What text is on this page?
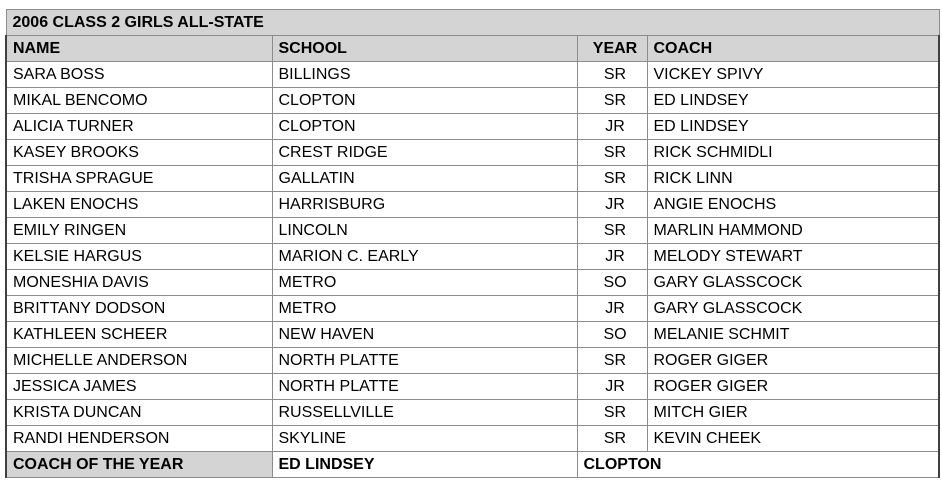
2006 CLASS 2 GIRLS ALL-STATE			
NAME	SCHOOL	YEAR	COACH
SARA BOSS	BILLINGS	SR	VICKEY SPIVY
MIKAL BENCOMO	CLOPTON	SR	ED LINDSEY
ALICIA TURNER	CLOPTON	JR	ED LINDSEY
KASEY BROOKS	CREST RIDGE	SR	RICK SCHMIDLI
TRISHA SPRAGUE	GALLATIN	SR	RICK LINN
LAKEN ENOCHS	HARRISBURG	JR	ANGIE ENOCHS
EMILY RINGEN	LINCOLN	SR	MARLIN HAMMOND
KELSIE HARGUS	MARION C. EARLY	JR	MELODY STEWART
MONESHIA DAVIS	METRO	SO	GARY GLASSCOCK
BRITTANY DODSON	METRO	JR	GARY GLASSCOCK
KATHLEEN SCHEER	NEW HAVEN	SO	MELANIE SCHMIT
MICHELLE ANDERSON	NORTH PLATTE	SR	ROGER GIGER
JESSICA JAMES	NORTH PLATTE	JR	ROGER GIGER
KRISTA DUNCAN	RUSSELLVILLE	SR	MITCH GIER
RANDI HENDERSON	SKYLINE	SR	KEVIN CHEEK
COACH OF THE YEAR	ED LINDSEY	CLOPTON	
